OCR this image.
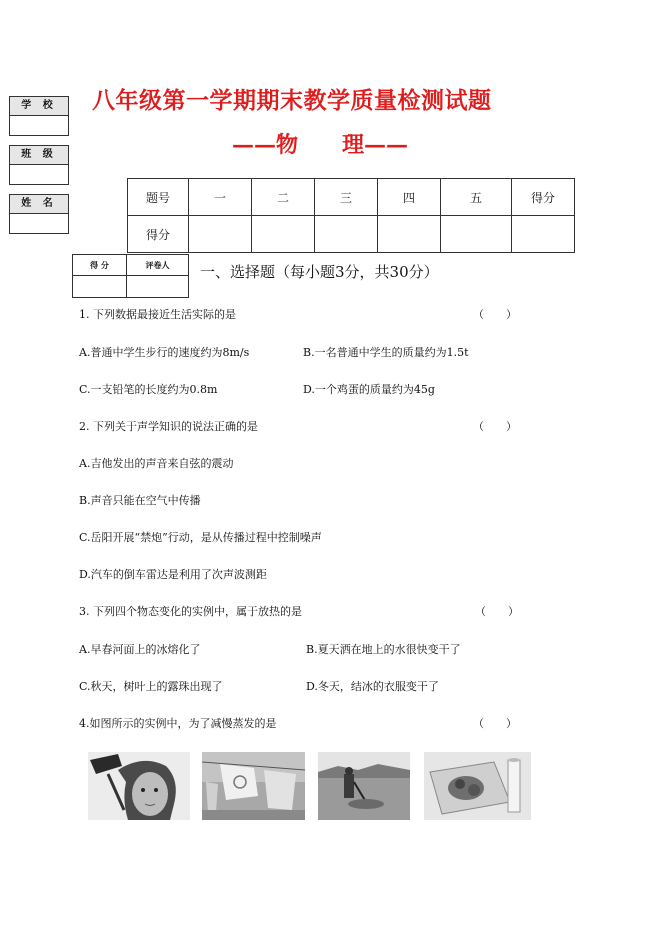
学 校
班 级
姓 名
八年级第一学期期末教学质量检测试题
——物　　理——
题号	一	二	三	四	五	得分
得分						
得 分	评卷人
	一、选择题（每小题3分，共30分）
1. 下列数据最接近生活实际的是	（　　）
A.普通中学生步行的速度约为8m/s	B.一名普通中学生的质量约为1.5t
C.一支铅笔的长度约为0.8m	D.一个鸡蛋的质量约为45g
2. 下列关于声学知识的说法正确的是	（　　）
A.吉他发出的声音来自弦的震动
B.声音只能在空气中传播
C.岳阳开展“禁炮”行动，是从传播过程中控制噪声
D.汽车的倒车雷达是利用了次声波测距
3. 下列四个物态变化的实例中，属于放热的是	（　　）
A.早春河面上的冰熔化了	B.夏天洒在地上的水很快变干了
C.秋天，树叶上的露珠出现了	D.冬天，结冰的衣服变干了
4.如图所示的实例中，为了减慢蒸发的是	（　　）
